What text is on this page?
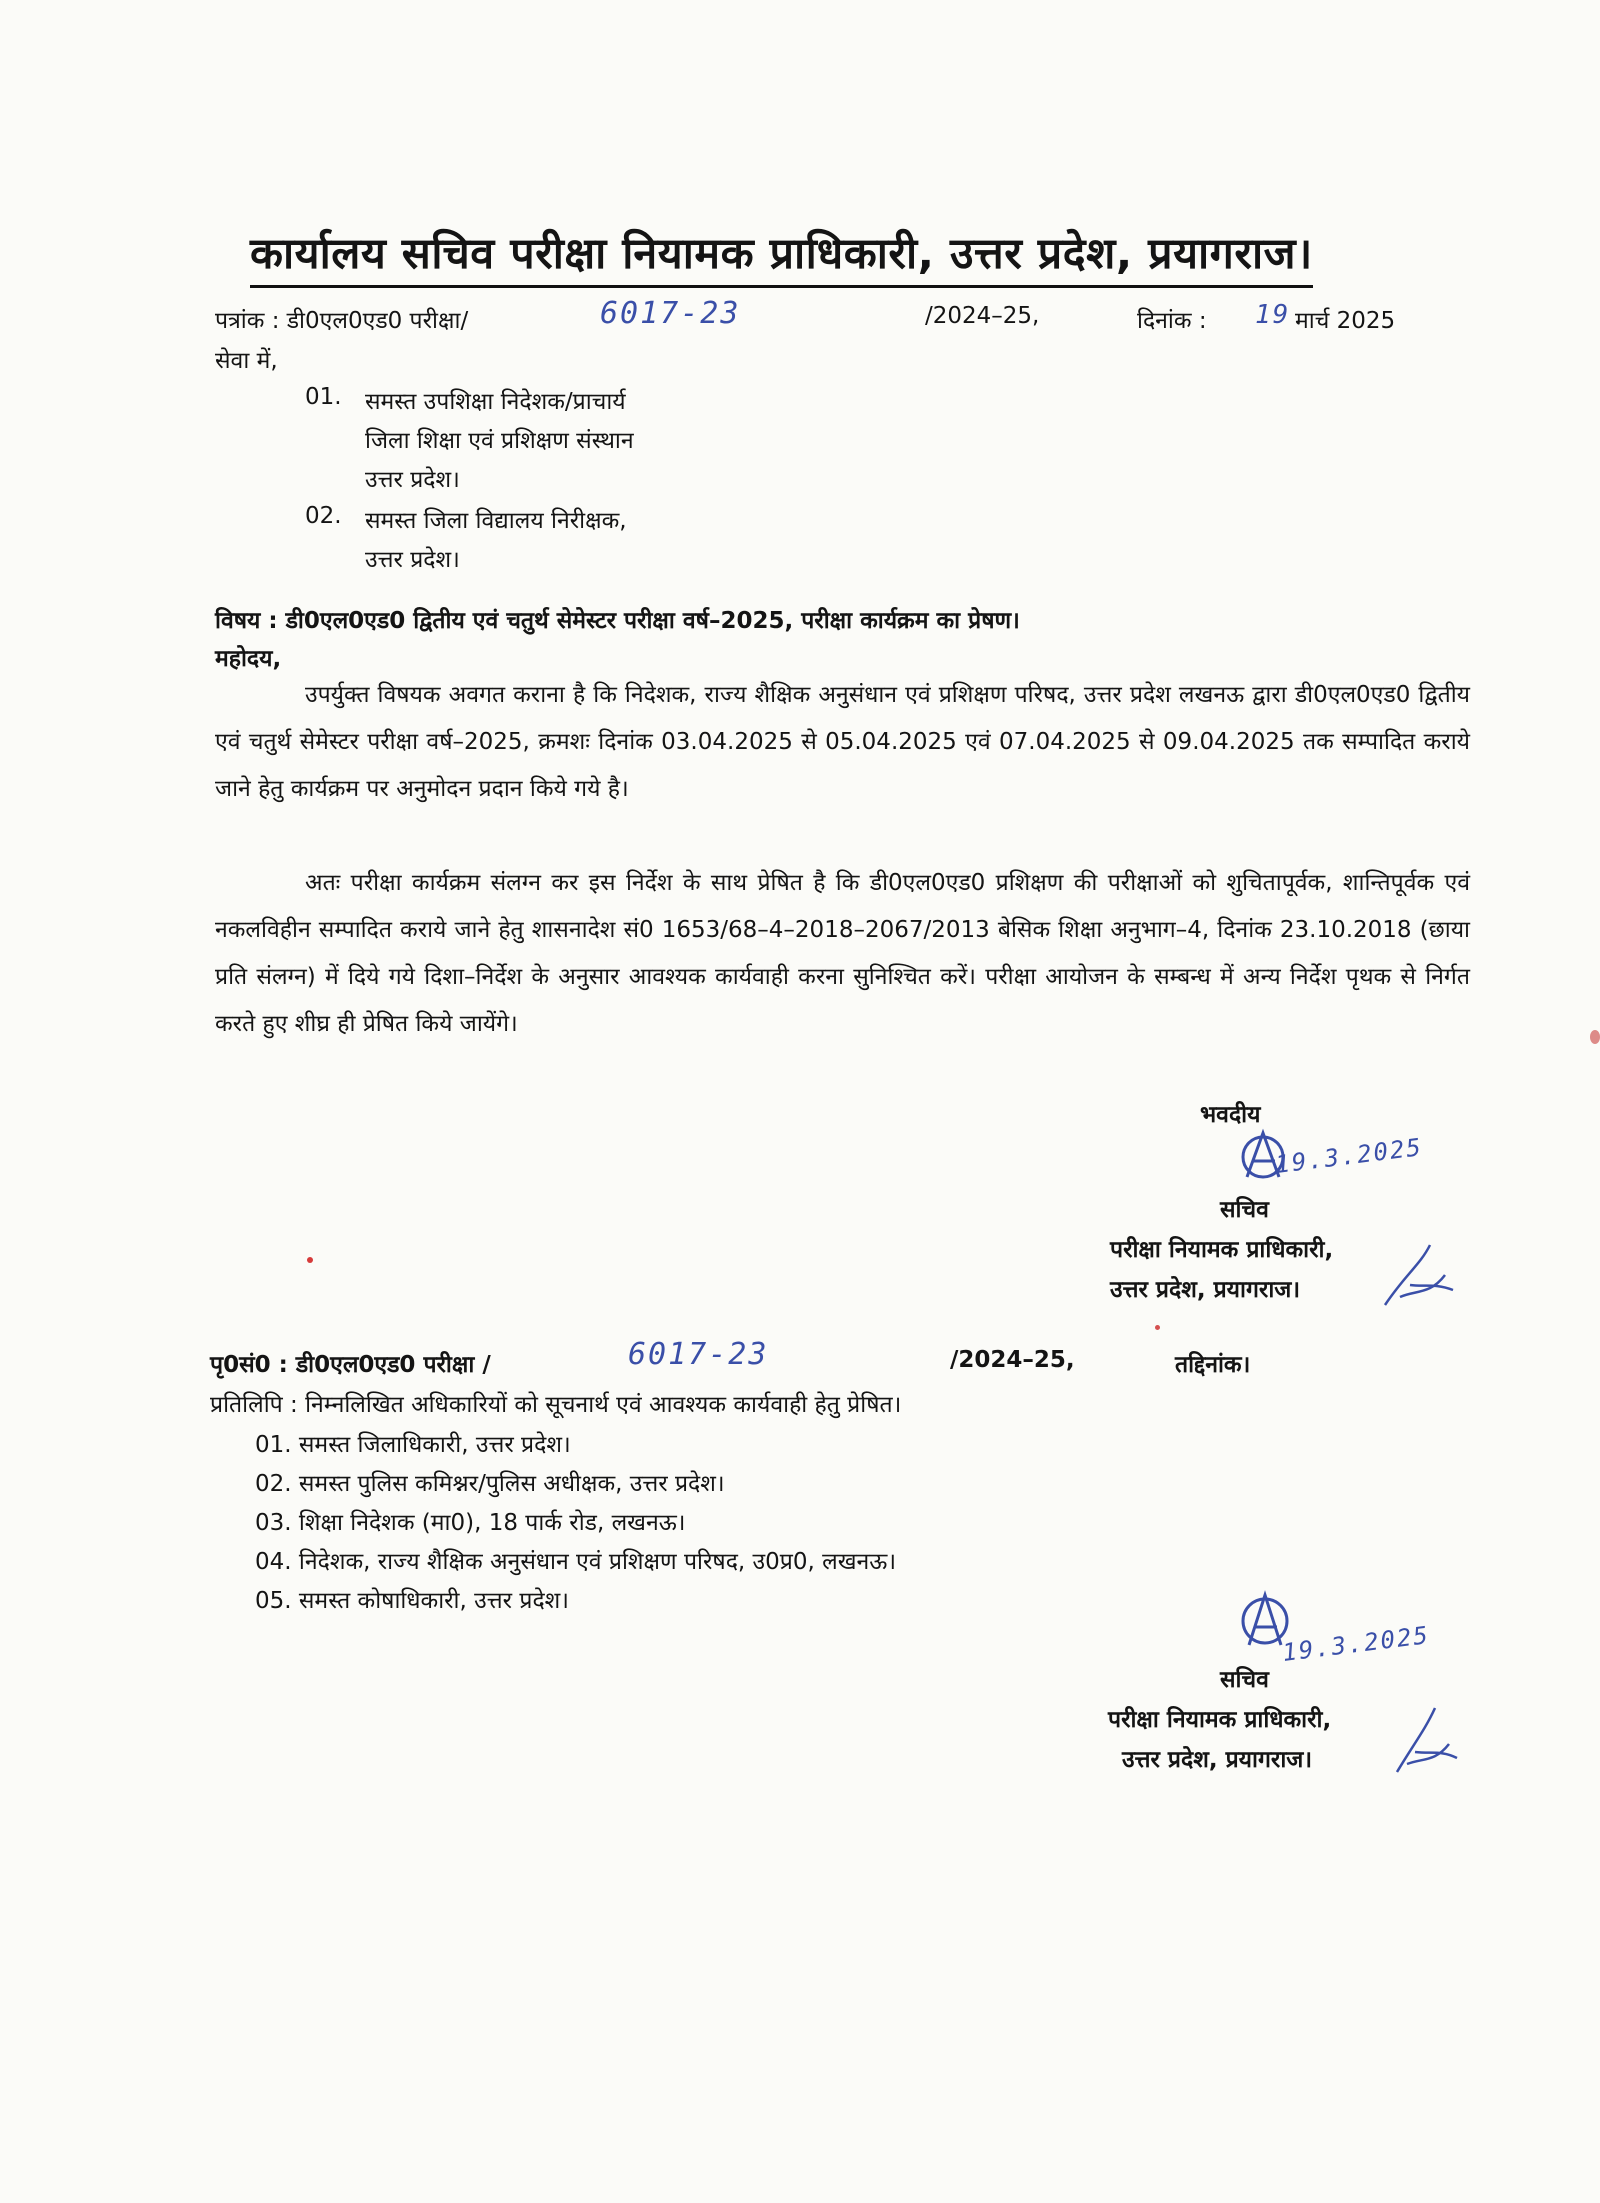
कार्यालय सचिव परीक्षा नियामक प्राधिकारी, उत्तर प्रदेश, प्रयागराज।
पत्रांक : डी0एल0एड0 परीक्षा/	6017-23	/2024–25,	दिनांक : 19 मार्च 2025
सेवा में,
01. समस्त उपशिक्षा निदेशक/प्राचार्य
जिला शिक्षा एवं प्रशिक्षण संस्थान
उत्तर प्रदेश।
02. समस्त जिला विद्यालय निरीक्षक,
उत्तर प्रदेश।
विषय : डी0एल0एड0 द्वितीय एवं चतुर्थ सेमेस्टर परीक्षा वर्ष–2025, परीक्षा कार्यक्रम का प्रेषण।
महोदय,
उपर्युक्त विषयक अवगत कराना है कि निदेशक, राज्य शैक्षिक अनुसंधान एवं प्रशिक्षण परिषद, उत्तर प्रदेश लखनऊ द्वारा डी0एल0एड0 द्वितीय एवं चतुर्थ सेमेस्टर परीक्षा वर्ष–2025, क्रमशः दिनांक 03.04.2025 से 05.04.2025 एवं 07.04.2025 से 09.04.2025 तक सम्पादित कराये जाने हेतु कार्यक्रम पर अनुमोदन प्रदान किये गये है।
अतः परीक्षा कार्यक्रम संलग्न कर इस निर्देश के साथ प्रेषित है कि डी0एल0एड0 प्रशिक्षण की परीक्षाओं को शुचितापूर्वक, शान्तिपूर्वक एवं नकलविहीन सम्पादित कराये जाने हेतु शासनादेश सं0 1653/68–4–2018–2067/2013 बेसिक शिक्षा अनुभाग–4, दिनांक 23.10.2018 (छाया प्रति संलग्न) में दिये गये दिशा–निर्देश के अनुसार आवश्यक कार्यवाही करना सुनिश्चित करें। परीक्षा आयोजन के सम्बन्ध में अन्य निर्देश पृथक से निर्गत करते हुए शीघ्र ही प्रेषित किये जायेंगे।
भवदीय
19.3.2025
सचिव
परीक्षा नियामक प्राधिकारी,
उत्तर प्रदेश, प्रयागराज।
पृ0सं0 : डी0एल0एड0 परीक्षा /	6017-23	/2024–25,	तद्दिनांक।
प्रतिलिपि : निम्नलिखित अधिकारियों को सूचनार्थ एवं आवश्यक कार्यवाही हेतु प्रेषित।
01. समस्त जिलाधिकारी, उत्तर प्रदेश।
02. समस्त पुलिस कमिश्नर/पुलिस अधीक्षक, उत्तर प्रदेश।
03. शिक्षा निदेशक (मा0), 18 पार्क रोड, लखनऊ।
04. निदेशक, राज्य शैक्षिक अनुसंधान एवं प्रशिक्षण परिषद, उ0प्र0, लखनऊ।
05. समस्त कोषाधिकारी, उत्तर प्रदेश।
19.3.2025
सचिव
परीक्षा नियामक प्राधिकारी,
उत्तर प्रदेश, प्रयागराज।
